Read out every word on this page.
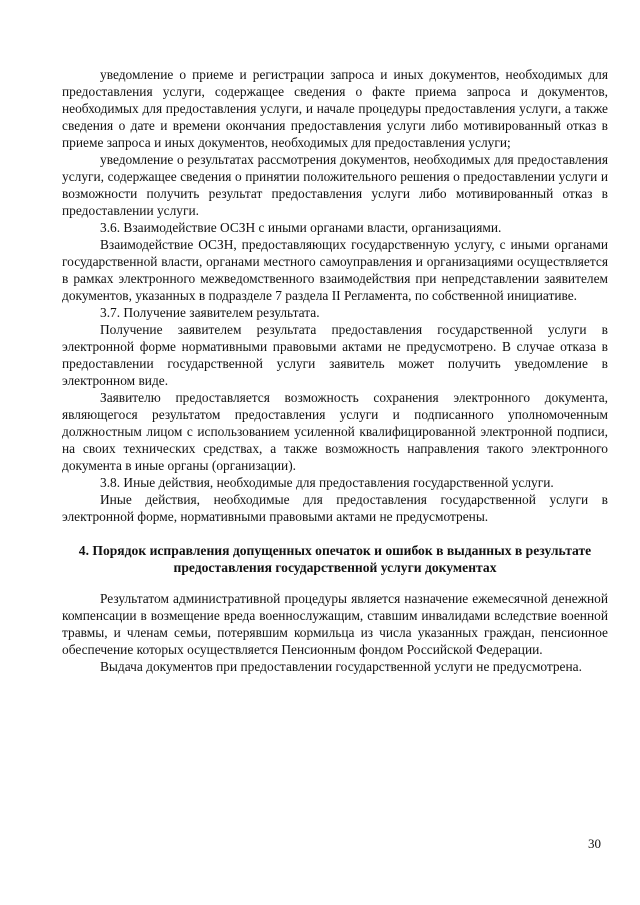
уведомление о приеме и регистрации запроса и иных документов, необходимых для предоставления услуги, содержащее сведения о факте приема запроса и документов, необходимых для предоставления услуги, и начале процедуры предоставления услуги, а также сведения о дате и времени окончания предоставления услуги либо мотивированный отказ в приеме запроса и иных документов, необходимых для предоставления услуги;

уведомление о результатах рассмотрения документов, необходимых для предоставления услуги, содержащее сведения о принятии положительного решения о предоставлении услуги и возможности получить результат предоставления услуги либо мотивированный отказ в предоставлении услуги.

3.6. Взаимодействие ОСЗН с иными органами власти, организациями.

Взаимодействие ОСЗН, предоставляющих государственную услугу, с иными органами государственной власти, органами местного самоуправления и организациями осуществляется в рамках электронного межведомственного взаимодействия при непредставлении заявителем документов, указанных в подразделе 7 раздела II Регламента, по собственной инициативе.

3.7. Получение заявителем результата.

Получение заявителем результата предоставления государственной услуги в электронной форме нормативными правовыми актами не предусмотрено. В случае отказа в предоставлении государственной услуги заявитель может получить уведомление в электронном виде.

Заявителю предоставляется возможность сохранения электронного документа, являющегося результатом предоставления услуги и подписанного уполномоченным должностным лицом с использованием усиленной квалифицированной электронной подписи, на своих технических средствах, а также возможность направления такого электронного документа в иные органы (организации).

3.8. Иные действия, необходимые для предоставления государственной услуги.

Иные действия, необходимые для предоставления государственной услуги в электронной форме, нормативными правовыми актами не предусмотрены.

4. Порядок исправления допущенных опечаток и ошибок в выданных в результате предоставления государственной услуги документах

Результатом административной процедуры является назначение ежемесячной денежной компенсации в возмещение вреда военнослужащим, ставшим инвалидами вследствие военной травмы, и членам семьи, потерявшим кормильца из числа указанных граждан, пенсионное обеспечение которых осуществляется Пенсионным фондом Российской Федерации.

Выдача документов при предоставлении государственной услуги не предусмотрена.

30
